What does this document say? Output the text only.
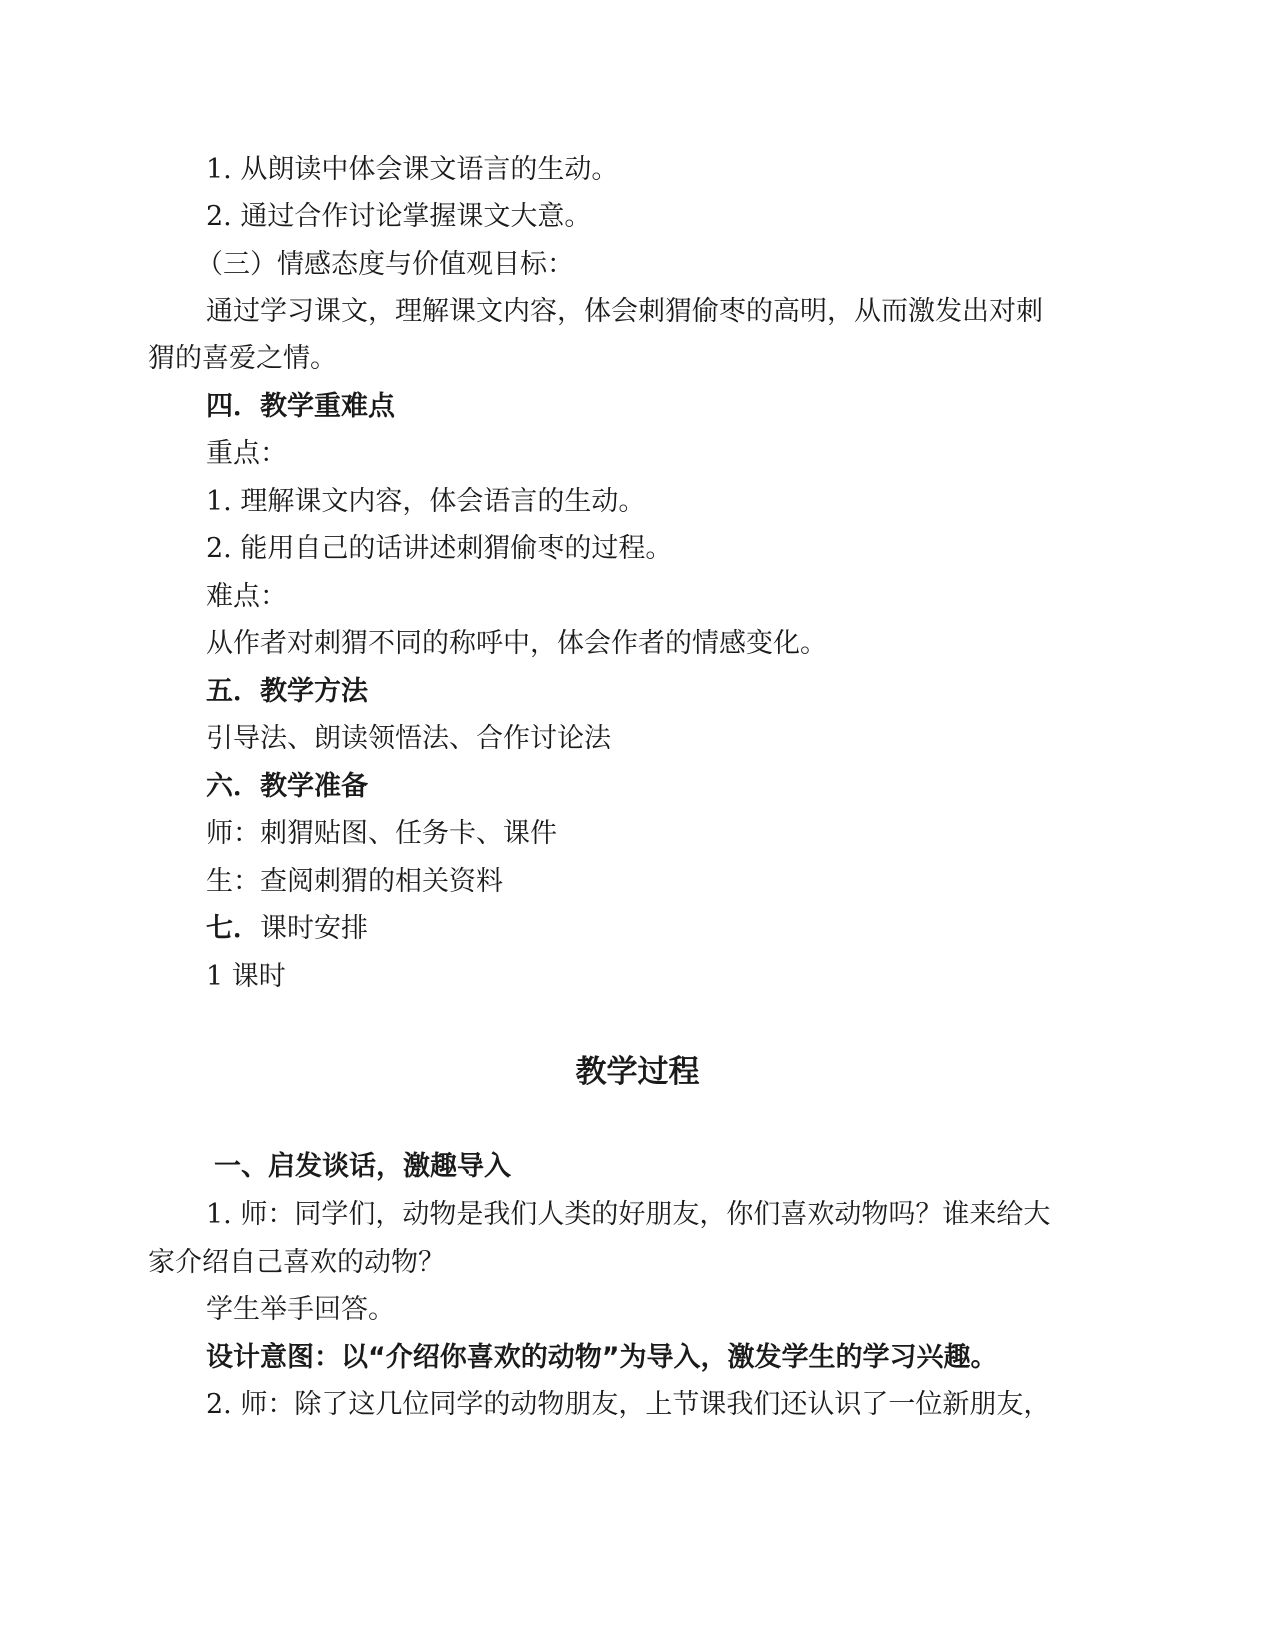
1. 从朗读中体会课文语言的生动。
2. 通过合作讨论掌握课文大意。
（三）情感态度与价值观目标：
通过学习课文，理解课文内容，体会刺猬偷枣的高明，从而激发出对刺
猬的喜爱之情。
四．教学重难点
重点：
1. 理解课文内容，体会语言的生动。
2. 能用自己的话讲述刺猬偷枣的过程。
难点：
从作者对刺猬不同的称呼中，体会作者的情感变化。
五．教学方法
引导法、朗读领悟法、合作讨论法
六．教学准备
师：刺猬贴图、任务卡、课件
生：查阅刺猬的相关资料
七．课时安排
1 课时
教学过程
一、启发谈话，激趣导入
1. 师：同学们，动物是我们人类的好朋友，你们喜欢动物吗？谁来给大
家介绍自己喜欢的动物？
学生举手回答。
设计意图：以“介绍你喜欢的动物”为导入，激发学生的学习兴趣。
2. 师：除了这几位同学的动物朋友，上节课我们还认识了一位新朋友，
